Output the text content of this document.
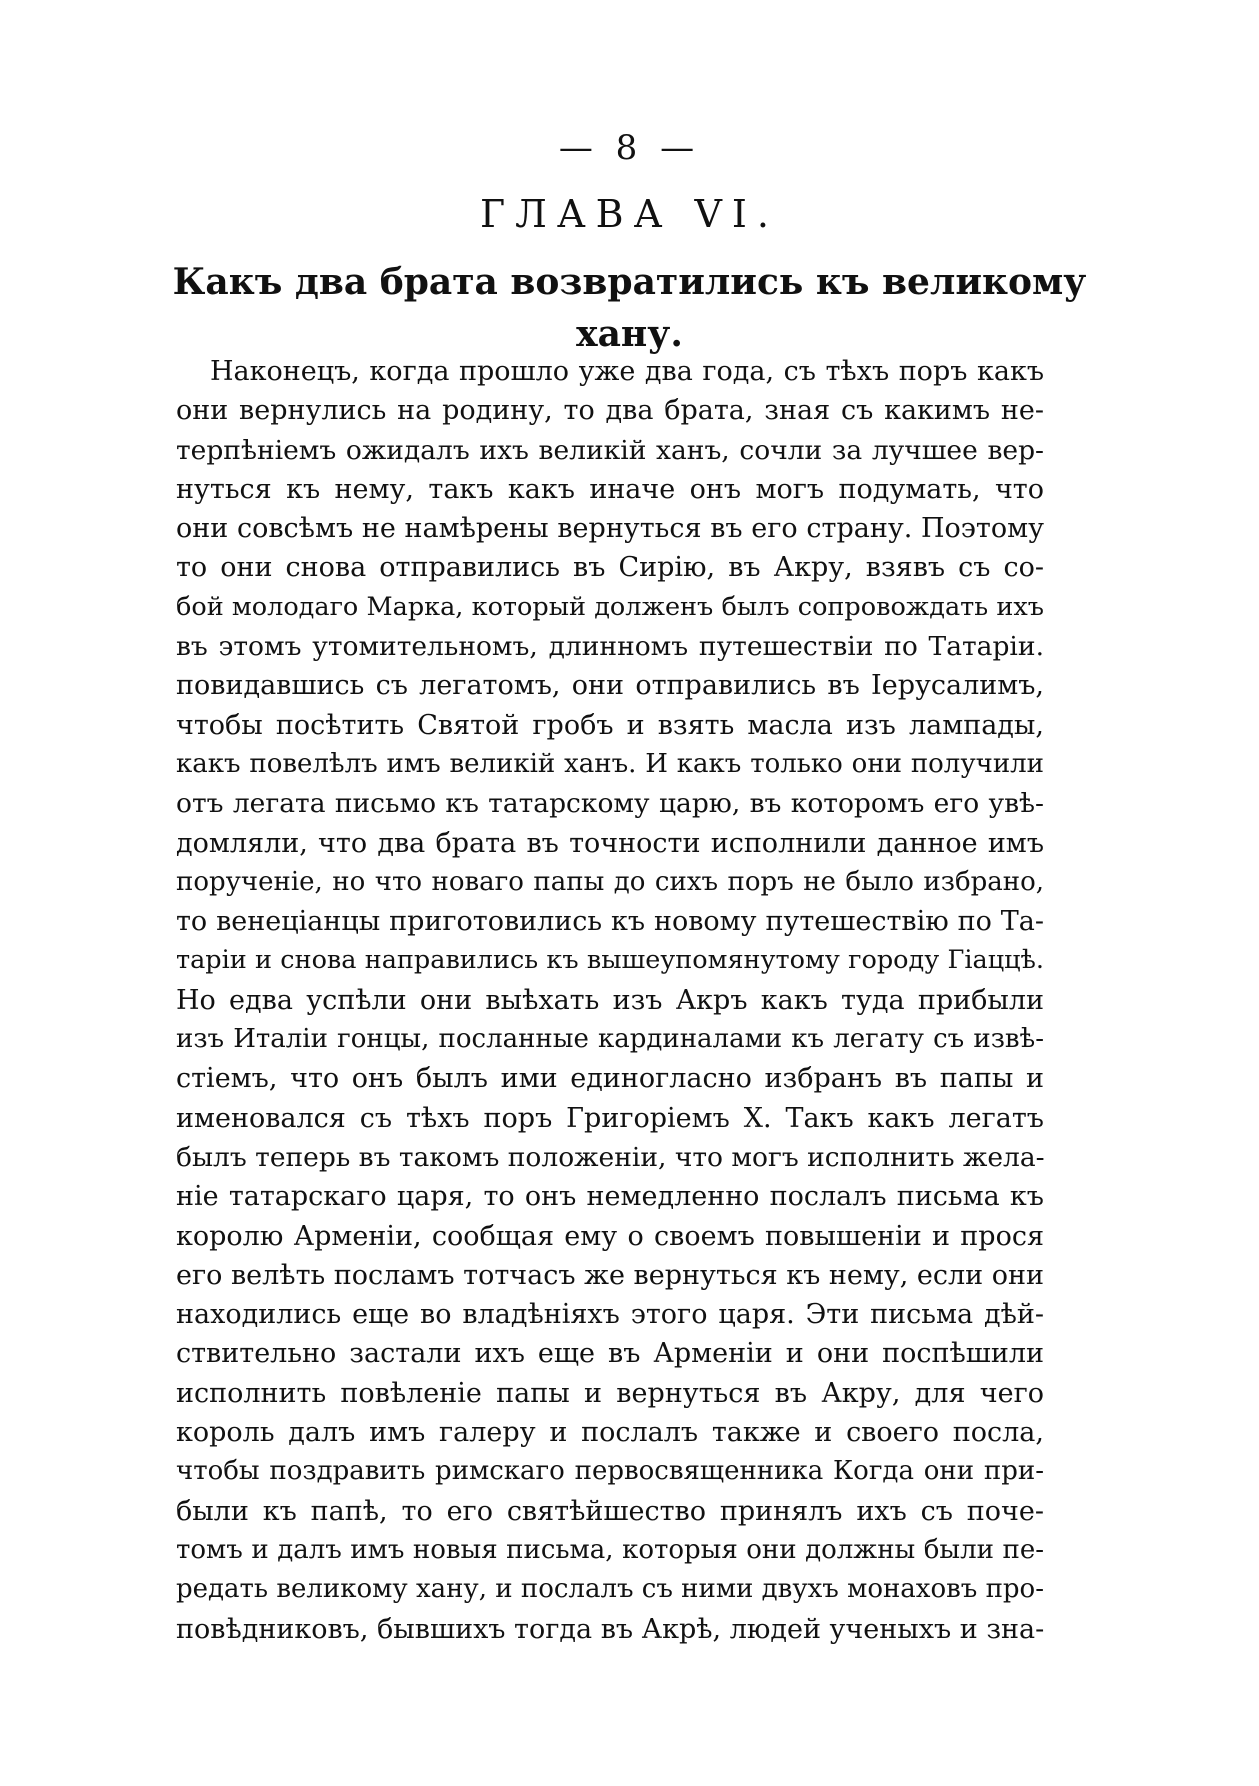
— 8 —
ГЛАВА VI.
Какъ два брата возвратились къ великому хану.
Наконецъ, когда прошло уже два года, съ тѣхъ поръ какъ
они вернулись на родину, то два брата, зная съ какимъ не-
терпѣніемъ ожидалъ ихъ великій ханъ, сочли за лучшее вер-
нуться къ нему, такъ какъ иначе онъ могъ подумать, что
они совсѣмъ не намѣрены вернуться въ его страну. Поэтому
то они снова отправились въ Сирію, въ Акру, взявъ съ со-
бой молодаго Марка, который долженъ былъ сопровождать ихъ
въ этомъ утомительномъ, длинномъ путешествіи по Татаріи.
повидавшись съ легатомъ, они отправились въ Іерусалимъ,
чтобы посѣтить Святой гробъ и взять масла изъ лампады,
какъ повелѣлъ имъ великій ханъ. И какъ только они получили
отъ легата письмо къ татарскому царю, въ которомъ его увѣ-
домляли, что два брата въ точности исполнили данное имъ
порученіе, но что новаго папы до сихъ поръ не было избрано,
то венеціанцы приготовились къ новому путешествію по Та-
таріи и снова направились къ вышеупомянутому городу Гіаццѣ.
Но едва успѣли они выѣхать изъ Акръ какъ туда прибыли
изъ Италіи гонцы, посланные кардиналами къ легату съ извѣ-
стіемъ, что онъ былъ ими единогласно избранъ въ папы и
именовался съ тѣхъ поръ Григоріемъ X. Такъ какъ легатъ
былъ теперь въ такомъ положеніи, что могъ исполнить жела-
ніе татарскаго царя, то онъ немедленно послалъ письма къ
королю Арменіи, сообщая ему о своемъ повышеніи и прося
его велѣть посламъ тотчасъ же вернуться къ нему, если они
находились еще во владѣніяхъ этого царя. Эти письма дѣй-
ствительно застали ихъ еще въ Арменіи и они поспѣшили
исполнить повѣленіе папы и вернуться въ Акру, для чего
король далъ имъ галеру и послалъ также и своего посла,
чтобы поздравить римскаго первосвященника Когда они при-
были къ папѣ, то его святѣйшество принялъ ихъ съ поче-
томъ и далъ имъ новыя письма, которыя они должны были пе-
редать великому хану, и послалъ съ ними двухъ монаховъ про-
повѣдниковъ, бывшихъ тогда въ Акрѣ, людей ученыхъ и зна-
